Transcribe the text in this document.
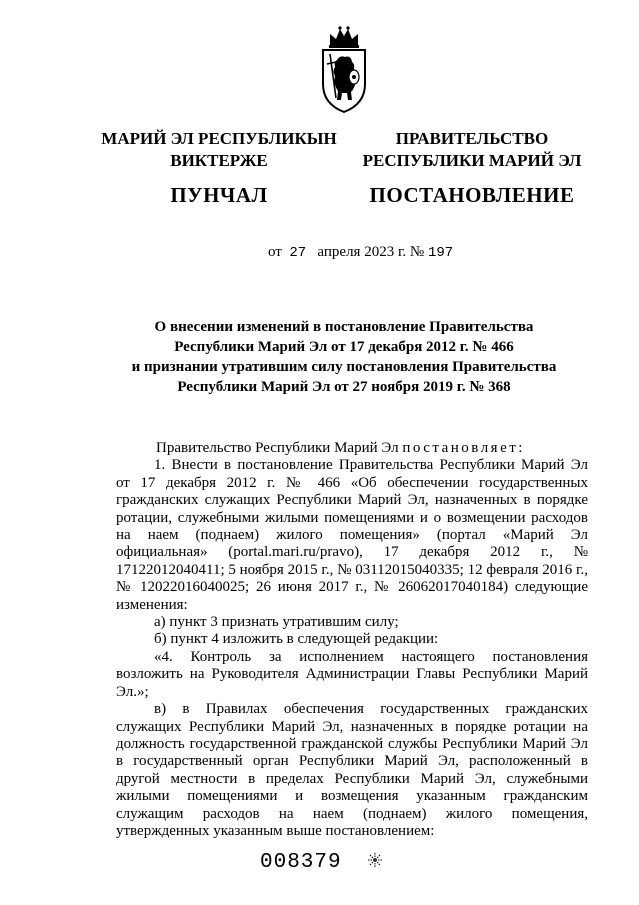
МАРИЙ ЭЛ РЕСПУБЛИКЫН
ВИКТЕРЖЕ
ПУНЧАЛ
ПРАВИТЕЛЬСТВО
РЕСПУБЛИКИ МАРИЙ ЭЛ
ПОСТАНОВЛЕНИЕ
от 27 апреля 2023 г. № 197
О внесении изменений в постановление Правительства
Республики Марий Эл от 17 декабря 2012 г. № 466
и признании утратившим силу постановления Правительства
Республики Марий Эл от 27 ноября 2019 г. № 368

Правительство Республики Марий Эл постановляет:

1. Внести в постановление Правительства Республики Марий Эл от 17 декабря 2012 г. № 466 «Об обеспечении государственных гражданских служащих Республики Марий Эл, назначенных в порядке ротации, служебными жилыми помещениями и о возмещении расходов на наем (поднаем) жилого помещения» (портал «Марий Эл официальная» (portal.mari.ru/pravo), 17 декабря 2012 г., № 17122012040411; 5 ноября 2015 г., № 03112015040335; 12 февраля 2016 г., № 12022016040025; 26 июня 2017 г., № 26062017040184) следующие изменения:

а) пункт 3 признать утратившим силу;

б) пункт 4 изложить в следующей редакции:

«4. Контроль за исполнением настоящего постановления возложить на Руководителя Администрации Главы Республики Марий Эл.»;

в) в Правилах обеспечения государственных гражданских служащих Республики Марий Эл, назначенных в порядке ротации на должность государственной гражданской службы Республики Марий Эл в государственный орган Республики Марий Эл, расположенный в другой местности в пределах Республики Марий Эл, служебными жилыми помещениями и возмещения указанным гражданским служащим расходов на наем (поднаем) жилого помещения, утвержденных указанным выше постановлением:

008379
